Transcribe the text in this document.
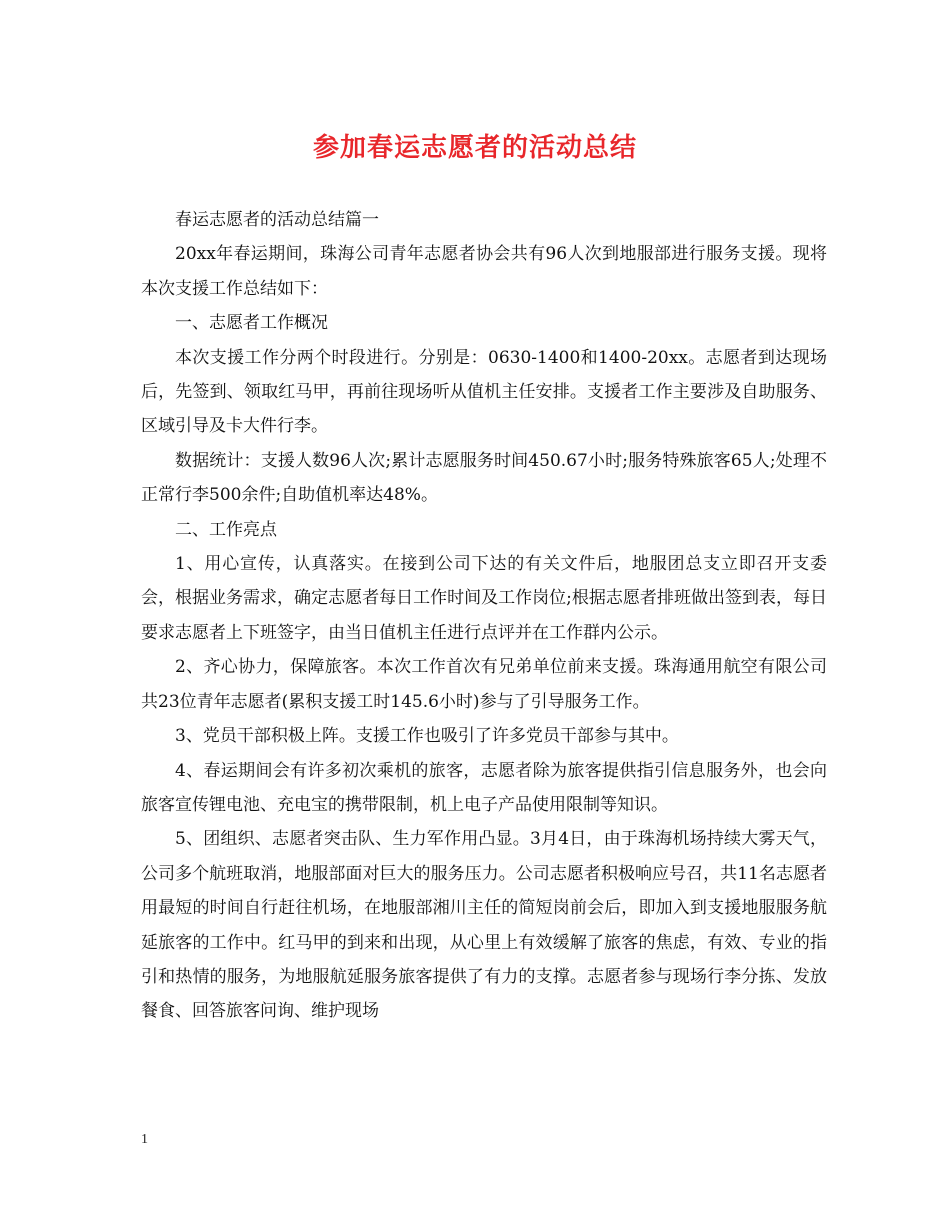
参加春运志愿者的活动总结

春运志愿者的活动总结篇一

20xx年春运期间，珠海公司青年志愿者协会共有96人次到地服部进行服务支援。现将本次支援工作总结如下：

一、志愿者工作概况

本次支援工作分两个时段进行。分别是：0630-1400和1400-20xx。志愿者到达现场后，先签到、领取红马甲，再前往现场听从值机主任安排。支援者工作主要涉及自助服务、区域引导及卡大件行李。

数据统计：支援人数96人次;累计志愿服务时间450.67小时;服务特殊旅客65人;处理不正常行李500余件;自助值机率达48%。

二、工作亮点

1、用心宣传，认真落实。在接到公司下达的有关文件后，地服团总支立即召开支委会，根据业务需求，确定志愿者每日工作时间及工作岗位;根据志愿者排班做出签到表，每日要求志愿者上下班签字，由当日值机主任进行点评并在工作群内公示。

2、齐心协力，保障旅客。本次工作首次有兄弟单位前来支援。珠海通用航空有限公司共23位青年志愿者(累积支援工时145.6小时)参与了引导服务工作。

3、党员干部积极上阵。支援工作也吸引了许多党员干部参与其中。

4、春运期间会有许多初次乘机的旅客，志愿者除为旅客提供指引信息服务外，也会向旅客宣传锂电池、充电宝的携带限制，机上电子产品使用限制等知识。

5、团组织、志愿者突击队、生力军作用凸显。3月4日，由于珠海机场持续大雾天气，公司多个航班取消，地服部面对巨大的服务压力。公司志愿者积极响应号召，共11名志愿者用最短的时间自行赶往机场，在地服部湘川主任的简短岗前会后，即加入到支援地服服务航延旅客的工作中。红马甲的到来和出现，从心里上有效缓解了旅客的焦虑，有效、专业的指引和热情的服务，为地服航延服务旅客提供了有力的支撑。志愿者参与现场行李分拣、发放餐食、回答旅客问询、维护现场

1
